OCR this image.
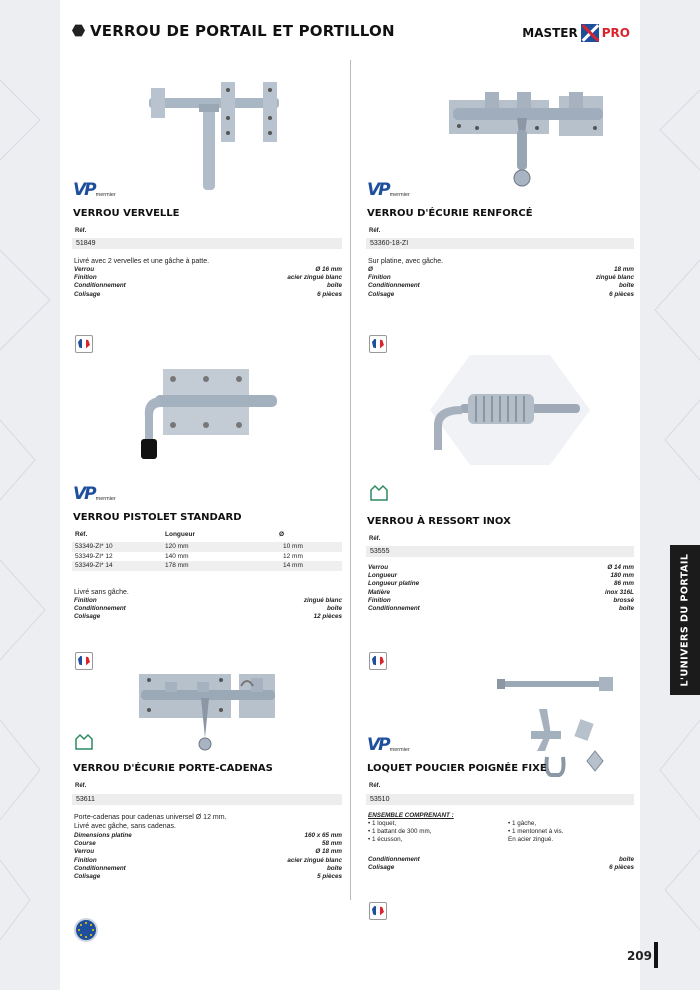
VERROU DE PORTAIL ET PORTILLON	MASTER PRO
L'UNIVERS DU PORTAIL
209
VP mermier
VERROU VERVELLE
Réf.
51849
Livré avec 2 vervelles et une gâche à patte.
Verrou	Ø 16 mm
Finition	acier zingué blanc
Conditionnement	boîte
Colisage	6 pièces
VP mermier
VERROU D'ÉCURIE RENFORCÉ
Réf.
53360-18-ZI
Sur platine, avec gâche.
Ø	18 mm
Finition	zingué blanc
Conditionnement	boîte
Colisage	6 pièces
VP mermier
VERROU PISTOLET STANDARD
Réf.	Longueur	Ø
53349-ZI* 10	120 mm	10 mm
53349-ZI* 12	140 mm	12 mm
53349-ZI* 14	178 mm	14 mm
Livré sans gâche.
Finition	zingué blanc
Conditionnement	boîte
Colisage	12 pièces
VERROU À RESSORT INOX
Réf.
53555
Verrou	Ø 14 mm
Longueur	180 mm
Longueur platine	86 mm
Matière	inox 316L
Finition	brossé
Conditionnement	boîte
VERROU D'ÉCURIE PORTE-CADENAS
Réf.
53611
Porte-cadenas pour cadenas universel Ø 12 mm.
Livré avec gâche, sans cadenas.
Dimensions platine	160 x 65 mm
Course	58 mm
Verrou	Ø 18 mm
Finition	acier zingué blanc
Conditionnement	boîte
Colisage	5 pièces
VP mermier
LOQUET POUCIER POIGNÉE FIXE
Réf.
53510
ENSEMBLE COMPRENANT :
• 1 loquet,
• 1 battant de 300 mm,
• 1 écusson,
• 1 gâche,
• 1 mentonnet à vis.
En acier zingué.
Conditionnement	boîte
Colisage	6 pièces
